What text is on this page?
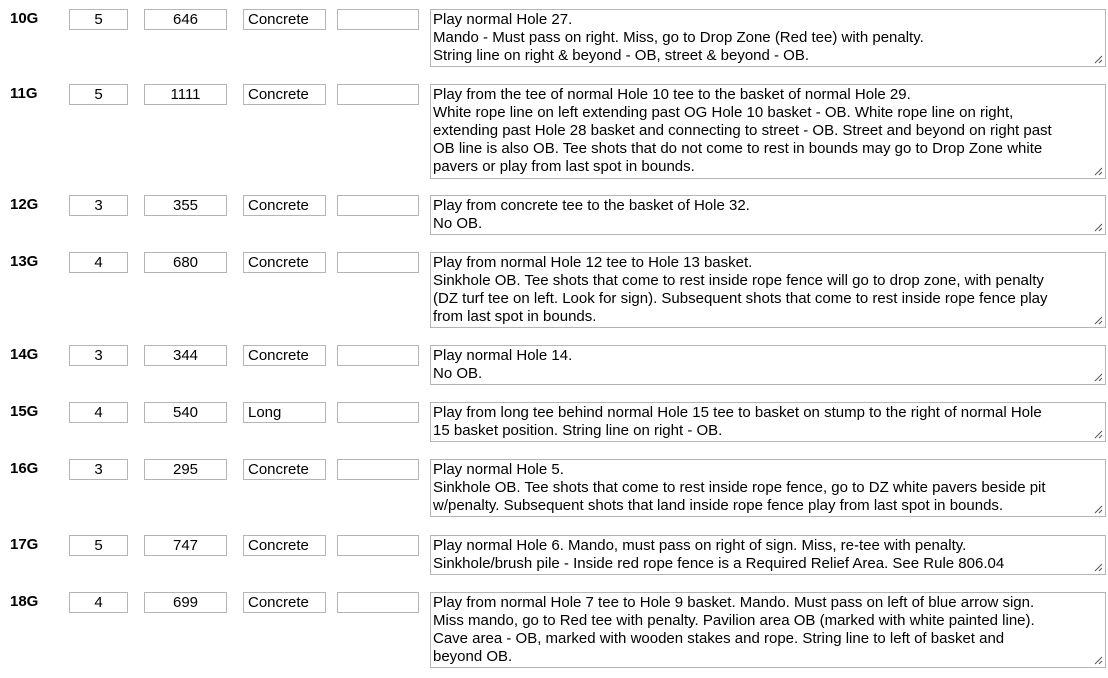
10G
5
646
Concrete	Play normal Hole 27.
Mando - Must pass on right. Miss, go to Drop Zone (Red tee) with penalty.
String line on right & beyond - OB, street & beyond - OB.
11G
5
1111
Concrete	Play from the tee of normal Hole 10 tee to the basket of normal Hole 29.
White rope line on left extending past OG Hole 10 basket - OB. White rope line on right,
extending past Hole 28 basket and connecting to street - OB. Street and beyond on right past
OB line is also OB. Tee shots that do not come to rest in bounds may go to Drop Zone white
pavers or play from last spot in bounds.
12G
3
355
Concrete	Play from concrete tee to the basket of Hole 32.
No OB.
13G
4
680
Concrete	Play from normal Hole 12 tee to Hole 13 basket.
Sinkhole OB. Tee shots that come to rest inside rope fence will go to drop zone, with penalty
(DZ turf tee on left. Look for sign). Subsequent shots that come to rest inside rope fence play
from last spot in bounds.
14G
3
344
Concrete	Play normal Hole 14.
No OB.
15G
4
540
Long	Play from long tee behind normal Hole 15 tee to basket on stump to the right of normal Hole
15 basket position. String line on right - OB.
16G
3
295
Concrete	Play normal Hole 5.
Sinkhole OB. Tee shots that come to rest inside rope fence, go to DZ white pavers beside pit
w/penalty. Subsequent shots that land inside rope fence play from last spot in bounds.
17G
5
747
Concrete	Play normal Hole 6. Mando, must pass on right of sign. Miss, re-tee with penalty.
Sinkhole/brush pile - Inside red rope fence is a Required Relief Area. See Rule 806.04
18G
4
699
Concrete	Play from normal Hole 7 tee to Hole 9 basket. Mando. Must pass on left of blue arrow sign.
Miss mando, go to Red tee with penalty. Pavilion area OB (marked with white painted line).
Cave area - OB, marked with wooden stakes and rope. String line to left of basket and
beyond OB.
